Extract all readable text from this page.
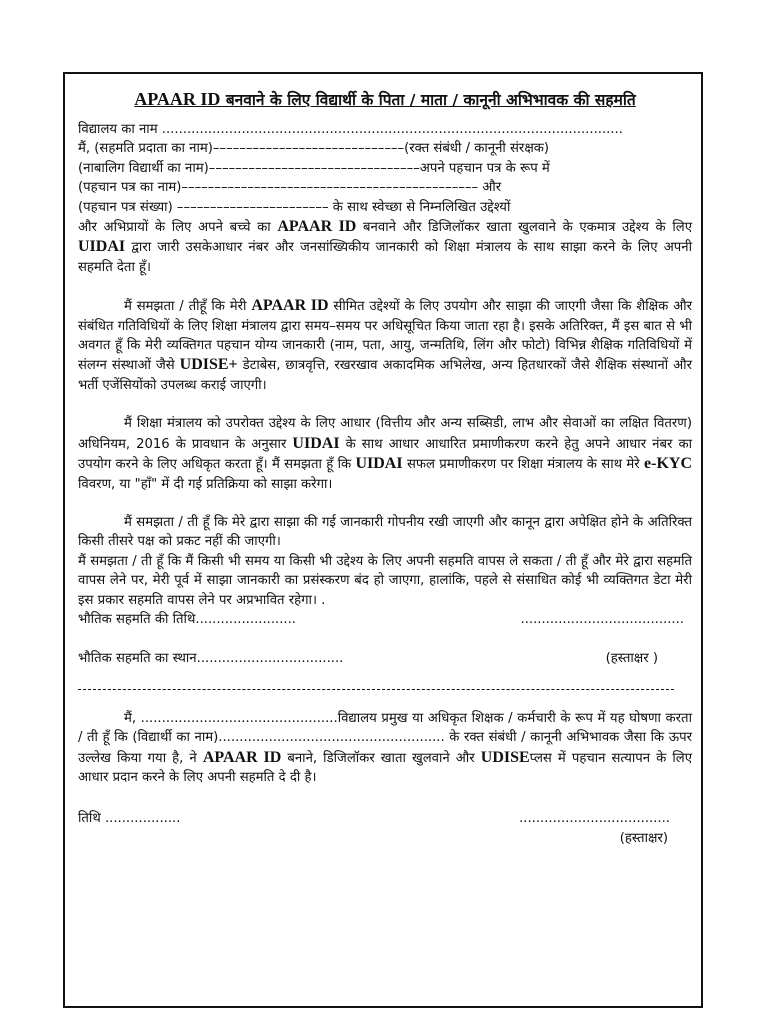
APAAR ID बनवाने के लिए विद्यार्थी के पिता / माता / कानूनी अभिभावक की सहमति
विद्यालय का नाम ..............................................................................................................
मैं, (सहमति प्रदाता का नाम)–––––––––––––––––––––––––––––(रक्त संबंधी / कानूनी संरक्षक)
(नाबालिग विद्यार्थी का नाम)––––––––––––––––––––––––––––––––अपने पहचान पत्र के रूप में
(पहचान पत्र का नाम)––––––––––––––––––––––––––––––––––––––––––––– और
(पहचान पत्र संख्या) ––––––––––––––––––––––– के साथ स्वेच्छा से निम्नलिखित उद्देश्यों

और अभिप्रायों के लिए अपने बच्चे का APAAR ID बनवाने और डिजिलॉकर खाता खुलवाने के एकमात्र उद्देश्य के लिए UIDAI द्वारा जारी उसकेआधार नंबर और जनसांख्यिकीय जानकारी को शिक्षा मंत्रालय के साथ साझा करने के लिए अपनी सहमति देता हूँ।

मैं समझता / तीहूँ कि मेरी APAAR ID सीमित उद्देश्यों के लिए उपयोग और साझा की जाएगी जैसा कि शैक्षिक और संबंधित गतिविधियों के लिए शिक्षा मंत्रालय द्वारा समय–समय पर अधिसूचित किया जाता रहा है। इसके अतिरिक्त, मैं इस बात से भी अवगत हूँ कि मेरी व्यक्तिगत पहचान योग्य जानकारी (नाम, पता, आयु, जन्मतिथि, लिंग और फोटो) विभिन्न शैक्षिक गतिविधियों में संलग्न संस्थाओं जैसे UDISE+ डेटाबेस, छात्रवृत्ति, रखरखाव अकादमिक अभिलेख, अन्य हितधारकों जैसे शैक्षिक संस्थानों और भर्ती एजेंसियोंको उपलब्ध कराई जाएगी।

मैं शिक्षा मंत्रालय को उपरोक्त उद्देश्य के लिए आधार (वित्तीय और अन्य सब्सिडी, लाभ और सेवाओं का लक्षित वितरण) अधिनियम, 2016 के प्रावधान के अनुसार UIDAI के साथ आधार आधारित प्रमाणीकरण करने हेतु अपने आधार नंबर का उपयोग करने के लिए अधिकृत करता हूँ। मैं समझता हूँ कि UIDAI सफल प्रमाणीकरण पर शिक्षा मंत्रालय के साथ मेरे e-KYC विवरण, या "हाँ" में दी गई प्रतिक्रिया को साझा करेगा।

मैं समझता / ती हूँ कि मेरे द्वारा साझा की गई जानकारी गोपनीय रखी जाएगी और कानून द्वारा अपेक्षित होने के अतिरिक्त किसी तीसरे पक्ष को प्रकट नहीं की जाएगी।

मैं समझता / ती हूँ कि मैं किसी भी समय या किसी भी उद्देश्य के लिए अपनी सहमति वापस ले सकता / ती हूँ और मेरे द्वारा सहमति वापस लेने पर, मेरी पूर्व में साझा जानकारी का प्रसंस्करण बंद हो जाएगा, हालांकि, पहले से संसाधित कोई भी व्यक्तिगत डेटा मेरी इस प्रकार सहमति वापस लेने पर अप्रभावित रहेगा। .

भौतिक सहमति की तिथि........................	.......................................
भौतिक सहमति का स्थान...................................	(हस्ताक्षर )

मैं, ...............................................विद्यालय प्रमुख या अधिकृत शिक्षक / कर्मचारी के रूप में यह घोषणा करता / ती हूँ कि (विद्यार्थी का नाम)...................................................... के रक्त संबंधी / कानूनी अभिभावक जैसा कि ऊपर उल्लेख किया गया है, ने APAAR ID बनाने, डिजिलॉकर खाता खुलवाने और UDISEप्लस में पहचान सत्यापन के लिए आधार प्रदान करने के लिए अपनी सहमति दे दी है।

तिथि ..................	....................................
(हस्ताक्षर)
